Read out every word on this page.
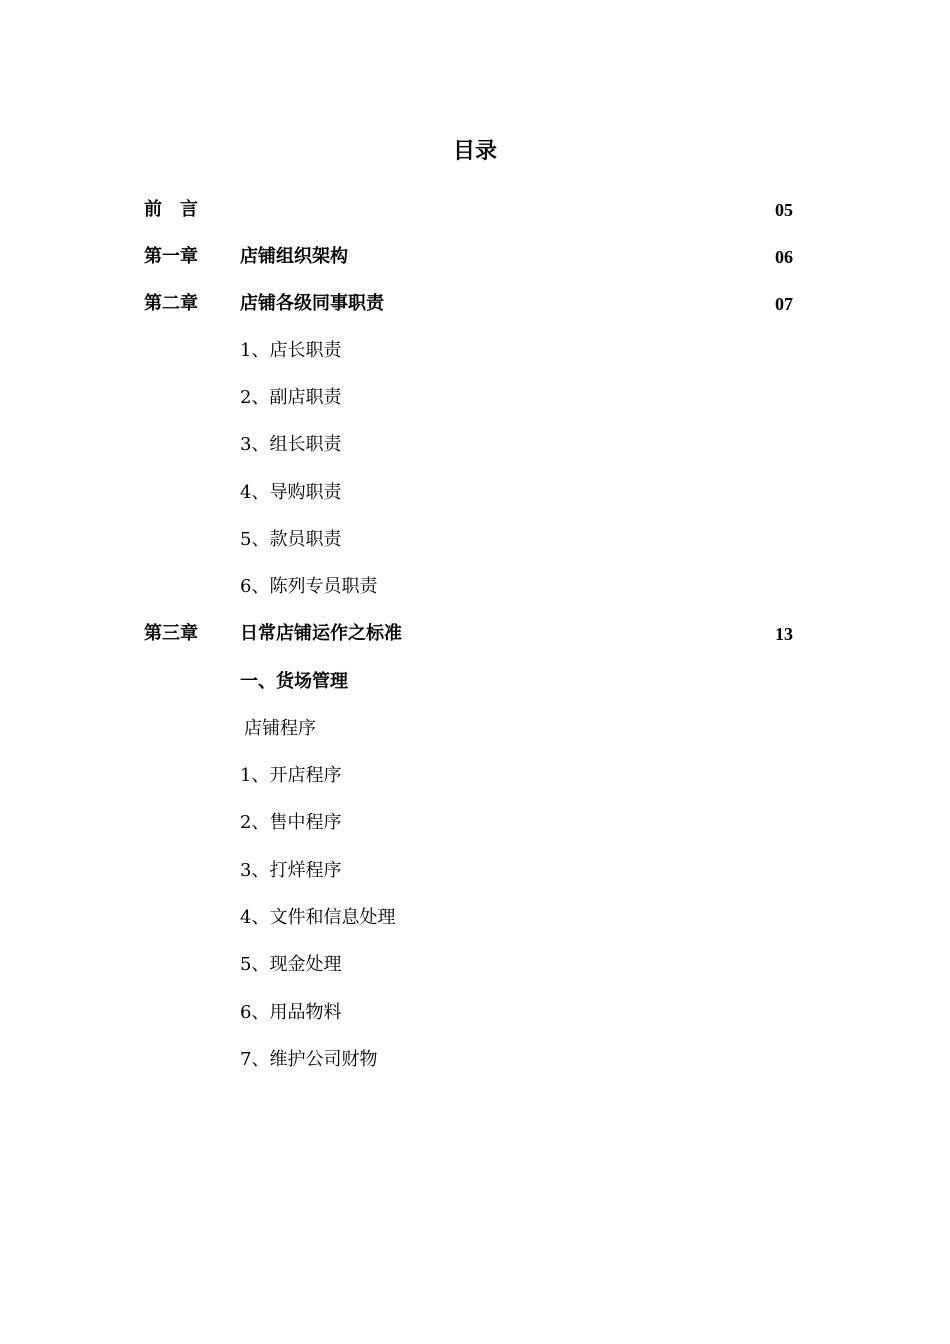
目录
前　言	05
第一章 店铺组织架构	06
第二章 店铺各级同事职责	07
1、店长职责
2、副店职责
3、组长职责
4、导购职责
5、款员职责
6、陈列专员职责
第三章 日常店铺运作之标准	13
一、货场管理
店铺程序
1、开店程序
2、售中程序
3、打烊程序
4、文件和信息处理
5、现金处理
6、用品物料
7、维护公司财物
